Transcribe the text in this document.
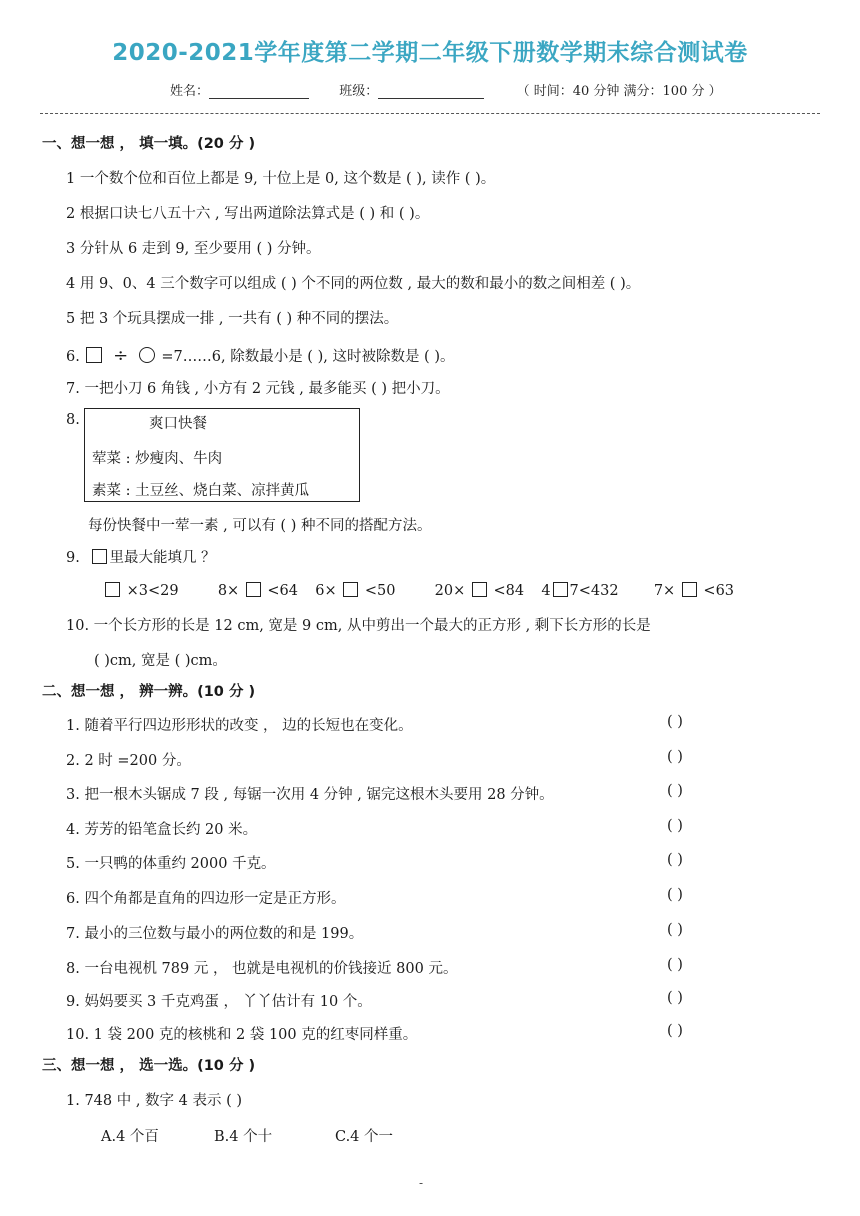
2020-2021学年度第二学期二年级下册数学期末综合测试卷
姓名：	班级：	（ 时间：40 分钟 满分：100 分 ）
一、想一想 ， 填一填。(20 分 )
1 一个数个位和百位上都是 9, 十位上是 0, 这个数是 ( ), 读作 ( )。
2 根据口诀七八五十六 , 写出两道除法算式是 ( ) 和 ( )。
3 分针从 6 走到 9, 至少要用 ( ) 分钟。
4 用 9、0、4 三个数字可以组成 ( ) 个不同的两位数 , 最大的数和最小的数之间相差 ( )。
5 把 3 个玩具摆成一排 , 一共有 ( ) 种不同的摆法。
6. ÷ =7……6, 除数最小是 ( ), 这时被除数是 ( )。
7. 一把小刀 6 角钱 , 小方有 2 元钱 , 最多能买 ( ) 把小刀。
8.	爽口快餐
荤菜 : 炒瘦肉、牛肉
素菜 : 土豆丝、烧白菜、凉拌黄瓜
每份快餐中一荤一素 , 可以有 ( ) 种不同的搭配方法。
9. 里最大能填几 ？
×3<29	8× <64 6× <50	20× <84 4 7<432 7× <63
10. 一个长方形的长是 12 cm, 宽是 9 cm, 从中剪出一个最大的正方形 , 剩下长方形的长是
( )cm, 宽是 ( )cm。
二、想一想 ， 辨一辨。(10 分 )
1. 随着平行四边形形状的改变 ， 边的长短也在变化。	( )
2. 2 时 =200 分。	( )
3. 把一根木头锯成 7 段 , 每锯一次用 4 分钟 , 锯完这根木头要用 28 分钟。	( )
4. 芳芳的铅笔盒长约 20 米。	( )
5. 一只鸭的体重约 2000 千克。	( )
6. 四个角都是直角的四边形一定是正方形。	( )
7. 最小的三位数与最小的两位数的和是 199。	( )
8. 一台电视机 789 元 ， 也就是电视机的价钱接近 800 元。	( )
9. 妈妈要买 3 千克鸡蛋 ， 丫丫估计有 10 个。	( )
10. 1 袋 200 克的核桃和 2 袋 100 克的红枣同样重。	( )
三、想一想 ， 选一选。(10 分 )
1. 748 中 , 数字 4 表示 ( )
A.4 个百	B.4 个十	C.4 个一
-
